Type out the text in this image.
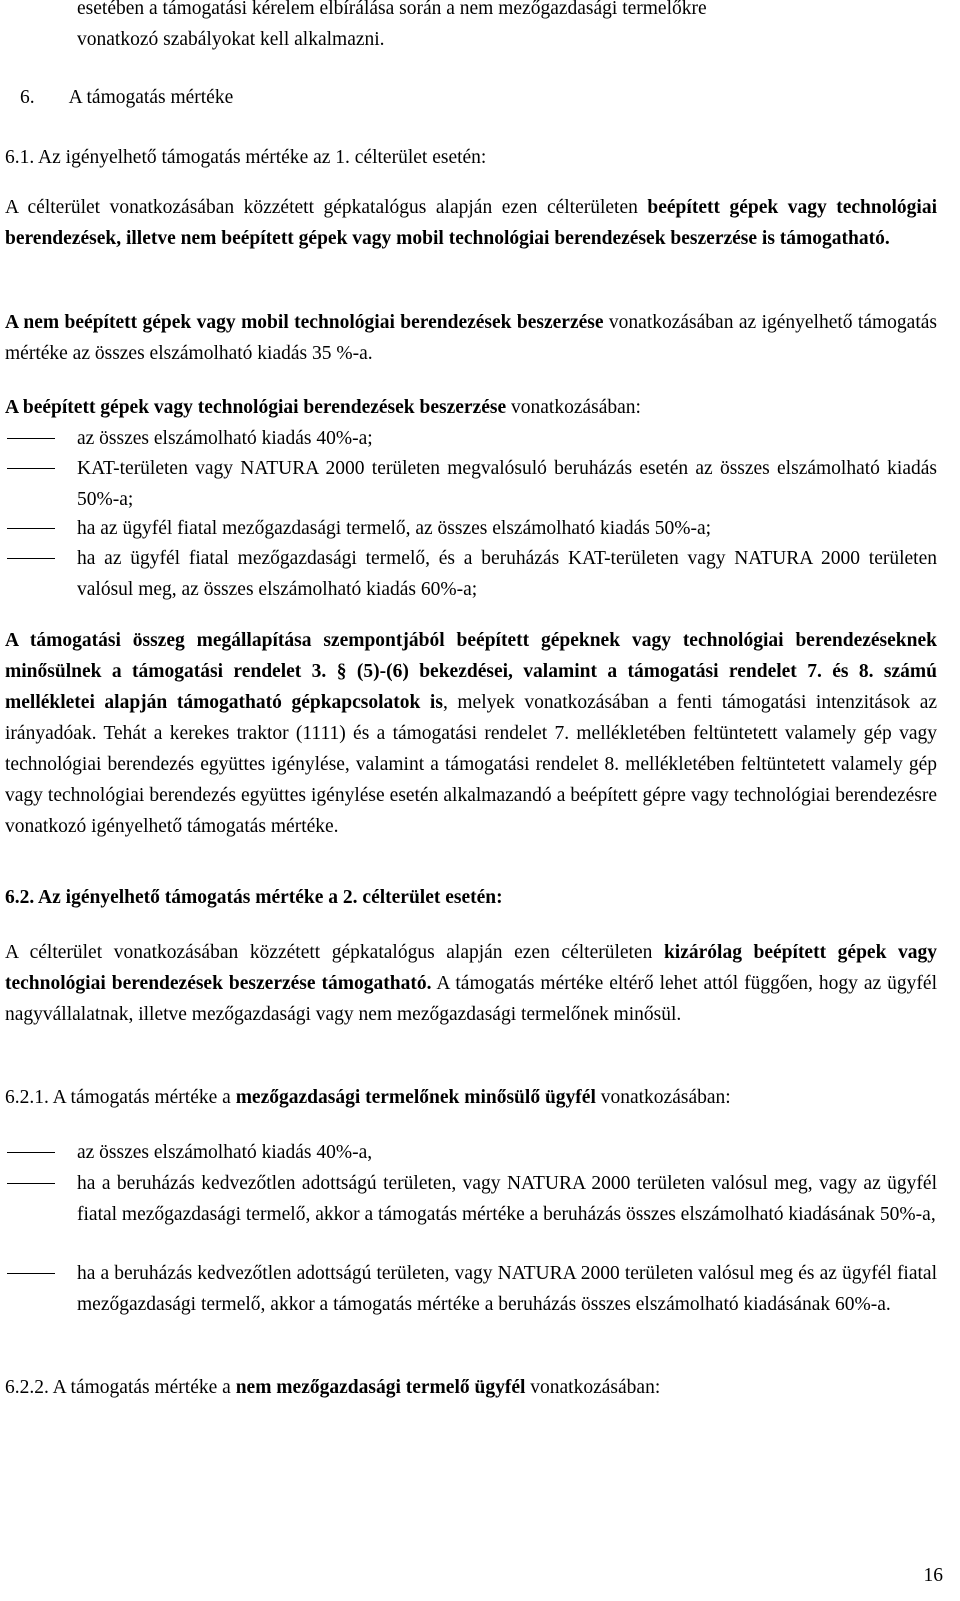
esetében a támogatási kérelem elbírálása során a nem mezőgazdasági termelőkre
vonatkozó szabályokat kell alkalmazni.

6. A támogatás mértéke

6.1. Az igényelhető támogatás mértéke az 1. célterület esetén:

A célterület vonatkozásában közzétett gépkatalógus alapján ezen célterületen beépített gépek vagy technológiai berendezések, illetve nem beépített gépek vagy mobil technológiai berendezések beszerzése is támogatható.

A nem beépített gépek vagy mobil technológiai berendezések beszerzése vonatkozásában az igényelhető támogatás mértéke az összes elszámolható kiadás 35 %-a.

A beépített gépek vagy technológiai berendezések beszerzése vonatkozásában:

az összes elszámolható kiadás 40%-a;

KAT-területen vagy NATURA 2000 területen megvalósuló beruházás esetén az összes elszámolható kiadás 50%-a;

ha az ügyfél fiatal mezőgazdasági termelő, az összes elszámolható kiadás 50%-a;

ha az ügyfél fiatal mezőgazdasági termelő, és a beruházás KAT-területen vagy NATURA 2000 területen valósul meg, az összes elszámolható kiadás 60%-a;

A támogatási összeg megállapítása szempontjából beépített gépeknek vagy technológiai berendezéseknek minősülnek a támogatási rendelet 3. § (5)-(6) bekezdései, valamint a támogatási rendelet 7. és 8. számú mellékletei alapján támogatható gépkapcsolatok is, melyek vonatkozásában a fenti támogatási intenzitások az irányadóak. Tehát a kerekes traktor (1111) és a támogatási rendelet 7. mellékletében feltüntetett valamely gép vagy technológiai berendezés együttes igénylése, valamint a támogatási rendelet 8. mellékletében feltüntetett valamely gép vagy technológiai berendezés együttes igénylése esetén alkalmazandó a beépített gépre vagy technológiai berendezésre vonatkozó igényelhető támogatás mértéke.

6.2. Az igényelhető támogatás mértéke a 2. célterület esetén:

A célterület vonatkozásában közzétett gépkatalógus alapján ezen célterületen kizárólag beépített gépek vagy technológiai berendezések beszerzése támogatható. A támogatás mértéke eltérő lehet attól függően, hogy az ügyfél nagyvállalatnak, illetve mezőgazdasági vagy nem mezőgazdasági termelőnek minősül.

6.2.1. A támogatás mértéke a mezőgazdasági termelőnek minősülő ügyfél vonatkozásában:

az összes elszámolható kiadás 40%-a,

ha a beruházás kedvezőtlen adottságú területen, vagy NATURA 2000 területen valósul meg, vagy az ügyfél fiatal mezőgazdasági termelő, akkor a támogatás mértéke a beruházás összes elszámolható kiadásának 50%-a,

ha a beruházás kedvezőtlen adottságú területen, vagy NATURA 2000 területen valósul meg és az ügyfél fiatal mezőgazdasági termelő, akkor a támogatás mértéke a beruházás összes elszámolható kiadásának 60%-a.

6.2.2. A támogatás mértéke a nem mezőgazdasági termelő ügyfél vonatkozásában:

16
